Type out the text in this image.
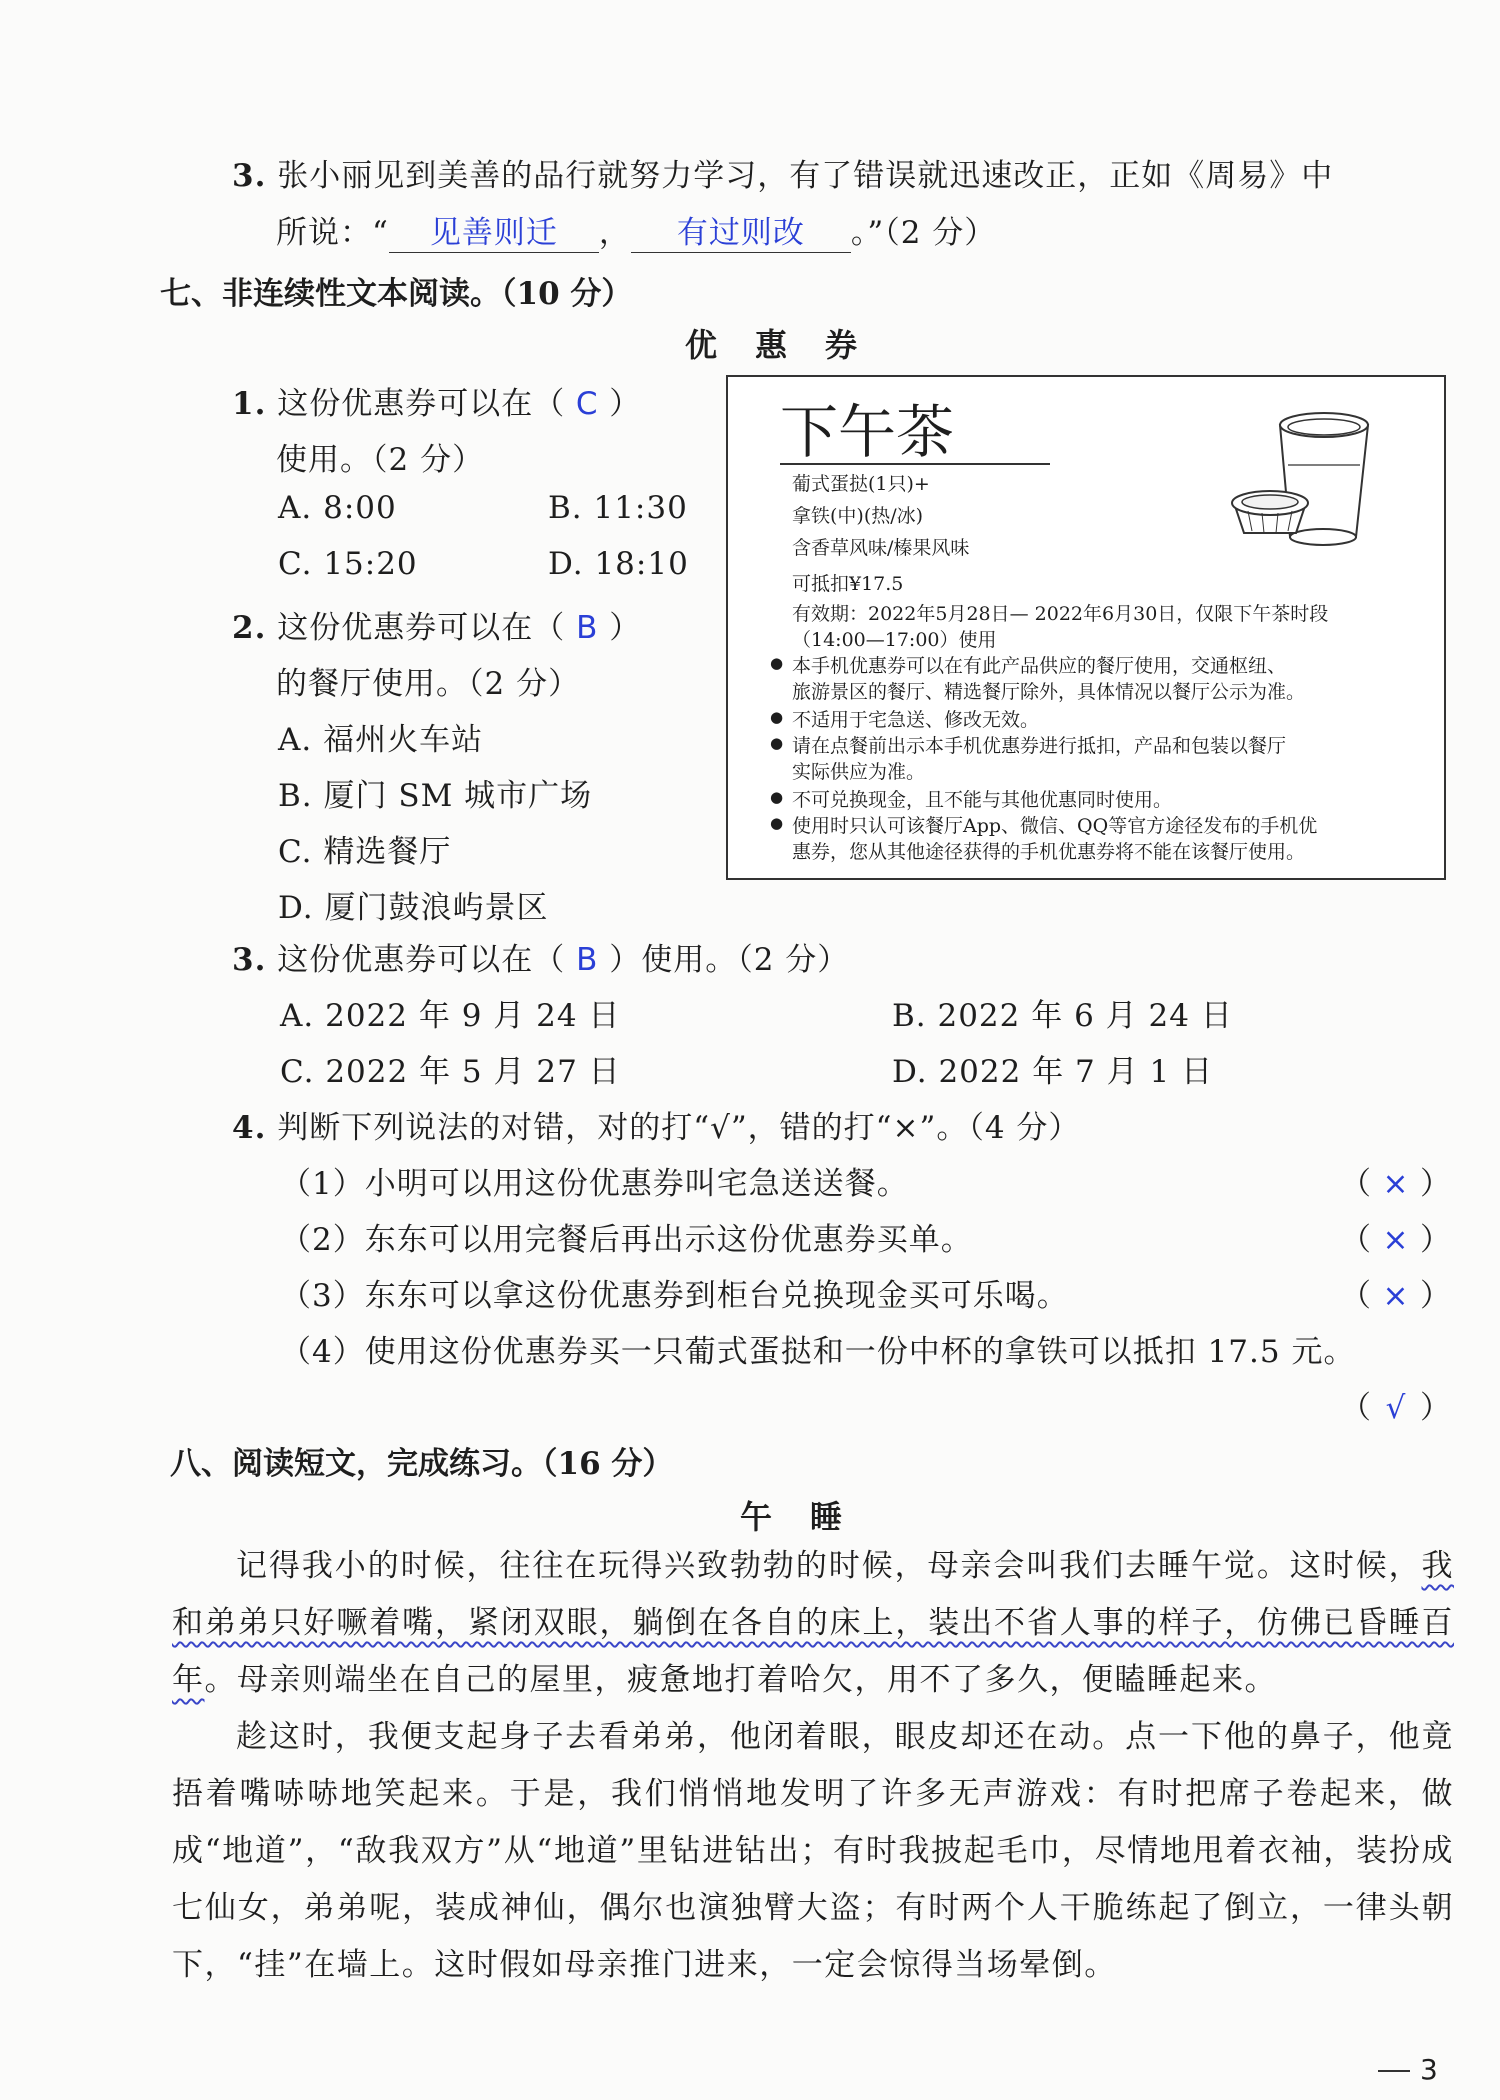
3. 张小丽见到美善的品行就努力学习，有了错误就迅速改正，正如《周易》中
所说：“ 见善则迁 ， 有过则改 。”（2 分）
七、非连续性文本阅读。（10 分）
优惠券
1. 这份优惠券可以在（ C ）
使用。（2 分）
A. 8:00	B. 11:30
C. 15:20	D. 18:10
2. 这份优惠券可以在（ B ）
的餐厅使用。（2 分）
A. 福州火车站
B. 厦门 SM 城市广场
C. 精选餐厅
D. 厦门鼓浪屿景区
下午茶
葡式蛋挞(1只)+
拿铁(中)(热/冰)
含香草风味/榛果风味
可抵扣¥17.5
有效期：2022年5月28日— 2022年6月30日，仅限下午茶时段
（14:00—17:00）使用
● 本手机优惠券可以在有此产品供应的餐厅使用，交通枢纽、
旅游景区的餐厅、精选餐厅除外，具体情况以餐厅公示为准。
● 不适用于宅急送、修改无效。
● 请在点餐前出示本手机优惠券进行抵扣，产品和包装以餐厅
实际供应为准。
● 不可兑换现金，且不能与其他优惠同时使用。
● 使用时只认可该餐厅App、微信、QQ等官方途径发布的手机优
惠券，您从其他途径获得的手机优惠券将不能在该餐厅使用。
3. 这份优惠券可以在（ B ）使用。（2 分）
A. 2022 年 9 月 24 日	B. 2022 年 6 月 24 日
C. 2022 年 5 月 27 日	D. 2022 年 7 月 1 日
4. 判断下列说法的对错，对的打“√”，错的打“×”。（4 分）
（1）小明可以用这份优惠券叫宅急送送餐。	（ × ）
（2）东东可以用完餐后再出示这份优惠券买单。	（ × ）
（3）东东可以拿这份优惠券到柜台兑换现金买可乐喝。	（ × ）
（4）使用这份优惠券买一只葡式蛋挞和一份中杯的拿铁可以抵扣 17.5 元。
（ √ ）
八、阅读短文，完成练习。（16 分）
午睡

记得我小的时候，往往在玩得兴致勃勃的时候，母亲会叫我们去睡午觉。这时候，我和弟弟只好噘着嘴，紧闭双眼，躺倒在各自的床上，装出不省人事的样子，仿佛已昏睡百年。母亲则端坐在自己的屋里，疲惫地打着哈欠，用不了多久，便瞌睡起来。

趁这时，我便支起身子去看弟弟，他闭着眼，眼皮却还在动。点一下他的鼻子，他竟捂着嘴哧哧地笑起来。于是，我们悄悄地发明了许多无声游戏：有时把席子卷起来，做成“地道”，“敌我双方”从“地道”里钻进钻出；有时我披起毛巾，尽情地甩着衣袖，装扮成七仙女，弟弟呢，装成神仙，偶尔也演独臂大盗；有时两个人干脆练起了倒立，一律头朝下，“挂”在墙上。这时假如母亲推门进来，一定会惊得当场晕倒。

3
